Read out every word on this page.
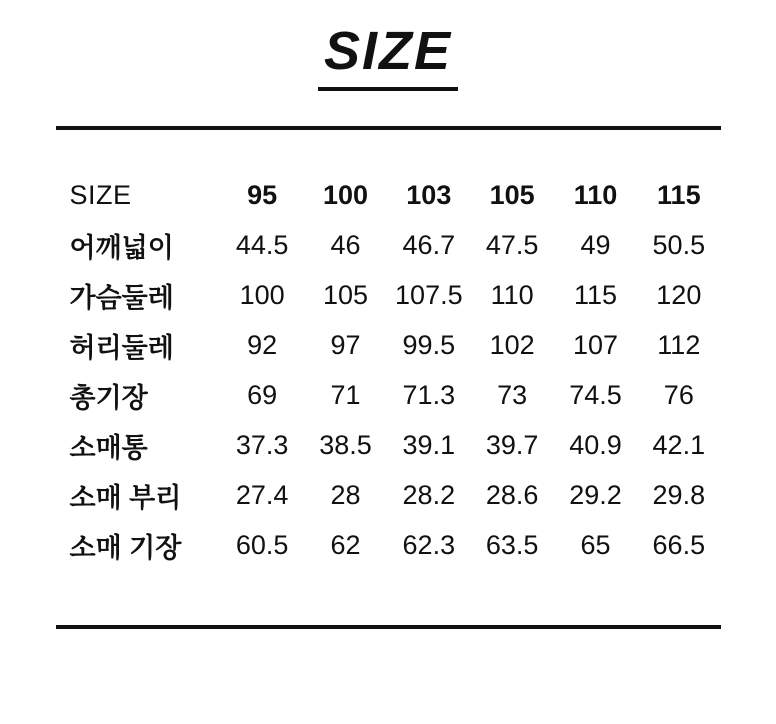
SIZE
SIZE	95	100	103	105	110	115
어깨넓이	44.5	46	46.7	47.5	49	50.5
가슴둘레	100	105	107.5	110	115	120
허리둘레	92	97	99.5	102	107	112
총기장	69	71	71.3	73	74.5	76
소매통	37.3	38.5	39.1	39.7	40.9	42.1
소매 부리	27.4	28	28.2	28.6	29.2	29.8
소매 기장	60.5	62	62.3	63.5	65	66.5
